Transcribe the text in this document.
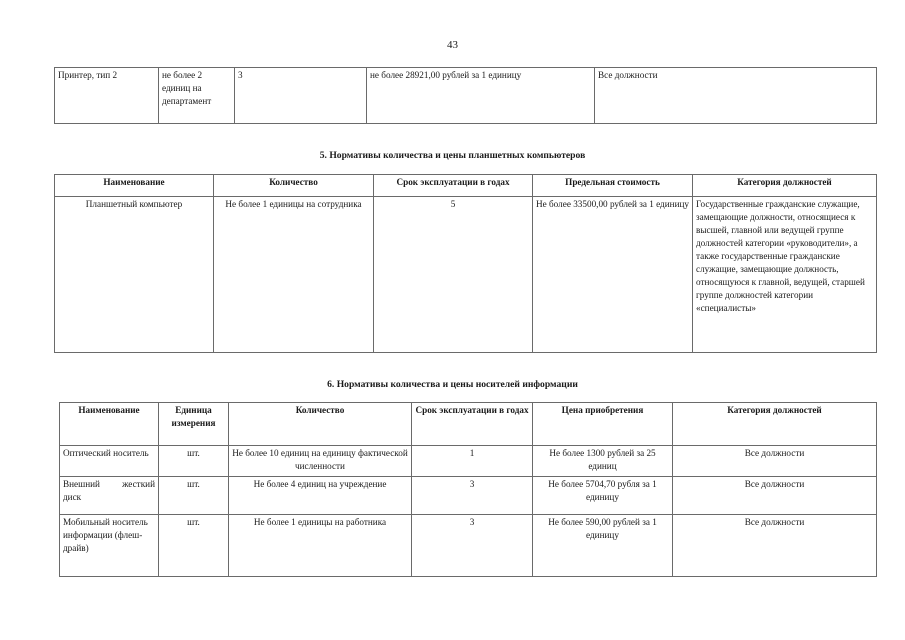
43
Принтер, тип 2	не более 2 единиц на департамент	3	не более 28921,00 рублей за 1 единицу	Все должности
5. Нормативы количества и цены планшетных компьютеров
Наименование	Количество	Срок эксплуатации в годах	Предельная стоимость	Категория должностей
Планшетный компьютер	Не более 1 единицы на сотрудника	5	Не более 33500,00 рублей за 1 единицу	Государственные гражданские служащие, замещающие должности, относящиеся к высшей, главной или ведущей группе должностей категории «руководители», а также государственные гражданские служащие, замещающие должность, относящуюся к главной, ведущей, старшей группе должностей категории «специалисты»
6. Нормативы количества и цены носителей информации
Наименование	Единица измерения	Количество	Срок эксплуатации в годах	Цена приобретения	Категория должностей
Оптический носитель	шт.	Не более 10 единиц на единицу фактической численности	1	Не более 1300 рублей за 25 единиц	Все должности
Внешний жесткий диск	шт.	Не более 4 единиц на учреждение	3	Не более 5704,70 рубля за 1 единицу	Все должности
Мобильный носитель информации (флеш-драйв)	шт.	Не более 1 единицы на работника	3	Не более 590,00 рублей за 1 единицу	Все должности
